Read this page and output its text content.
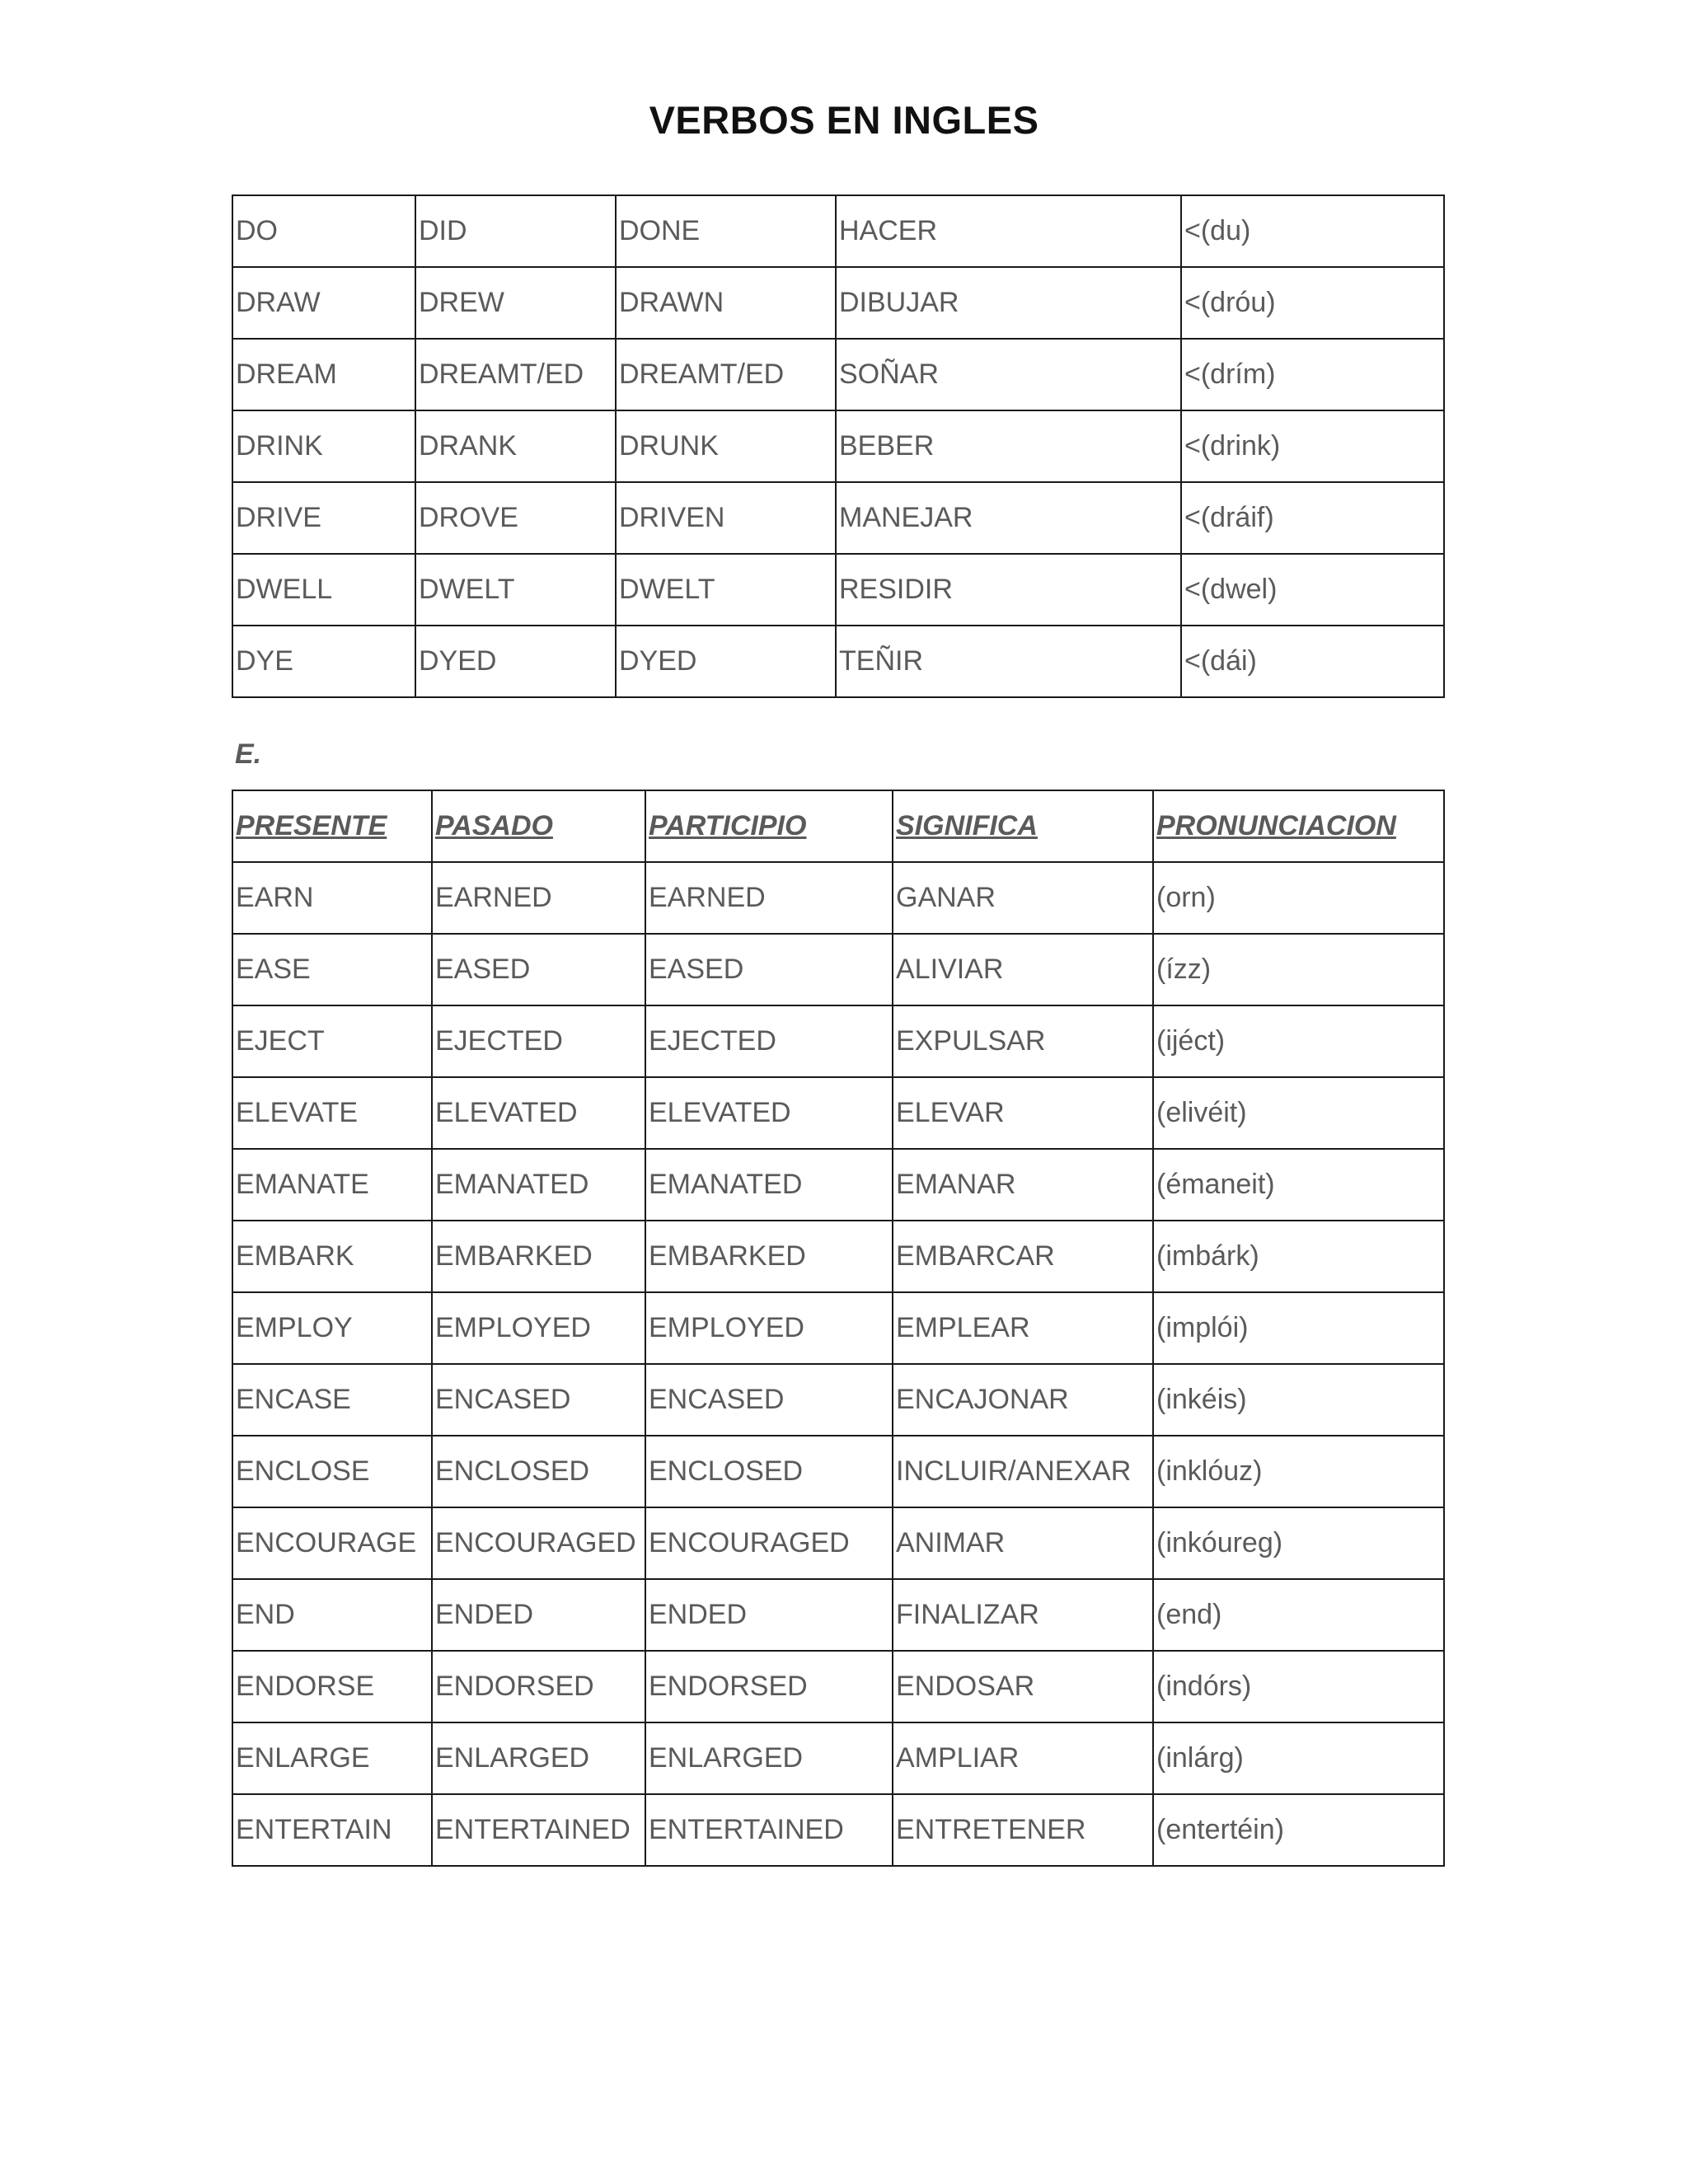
VERBOS EN INGLES
DO	DID	DONE	HACER	<(du)
DRAW	DREW	DRAWN	DIBUJAR	<(dróu)
DREAM	DREAMT/ED	DREAMT/ED	SOÑAR	<(drím)
DRINK	DRANK	DRUNK	BEBER	<(drink)
DRIVE	DROVE	DRIVEN	MANEJAR	<(dráif)
DWELL	DWELT	DWELT	RESIDIR	<(dwel)
DYE	DYED	DYED	TEÑIR	<(dái)
E.
PRESENTE	PASADO	PARTICIPIO	SIGNIFICA	PRONUNCIACION
EARN	EARNED	EARNED	GANAR	(orn)
EASE	EASED	EASED	ALIVIAR	(ízz)
EJECT	EJECTED	EJECTED	EXPULSAR	(ijéct)
ELEVATE	ELEVATED	ELEVATED	ELEVAR	(elivéit)
EMANATE	EMANATED	EMANATED	EMANAR	(émaneit)
EMBARK	EMBARKED	EMBARKED	EMBARCAR	(imbárk)
EMPLOY	EMPLOYED	EMPLOYED	EMPLEAR	(implói)
ENCASE	ENCASED	ENCASED	ENCAJONAR	(inkéis)
ENCLOSE	ENCLOSED	ENCLOSED	INCLUIR/ANEXAR	(inklóuz)
ENCOURAGE	ENCOURAGED	ENCOURAGED	ANIMAR	(inkóureg)
END	ENDED	ENDED	FINALIZAR	(end)
ENDORSE	ENDORSED	ENDORSED	ENDOSAR	(indórs)
ENLARGE	ENLARGED	ENLARGED	AMPLIAR	(inlárg)
ENTERTAIN	ENTERTAINED	ENTERTAINED	ENTRETENER	(entertéin)
